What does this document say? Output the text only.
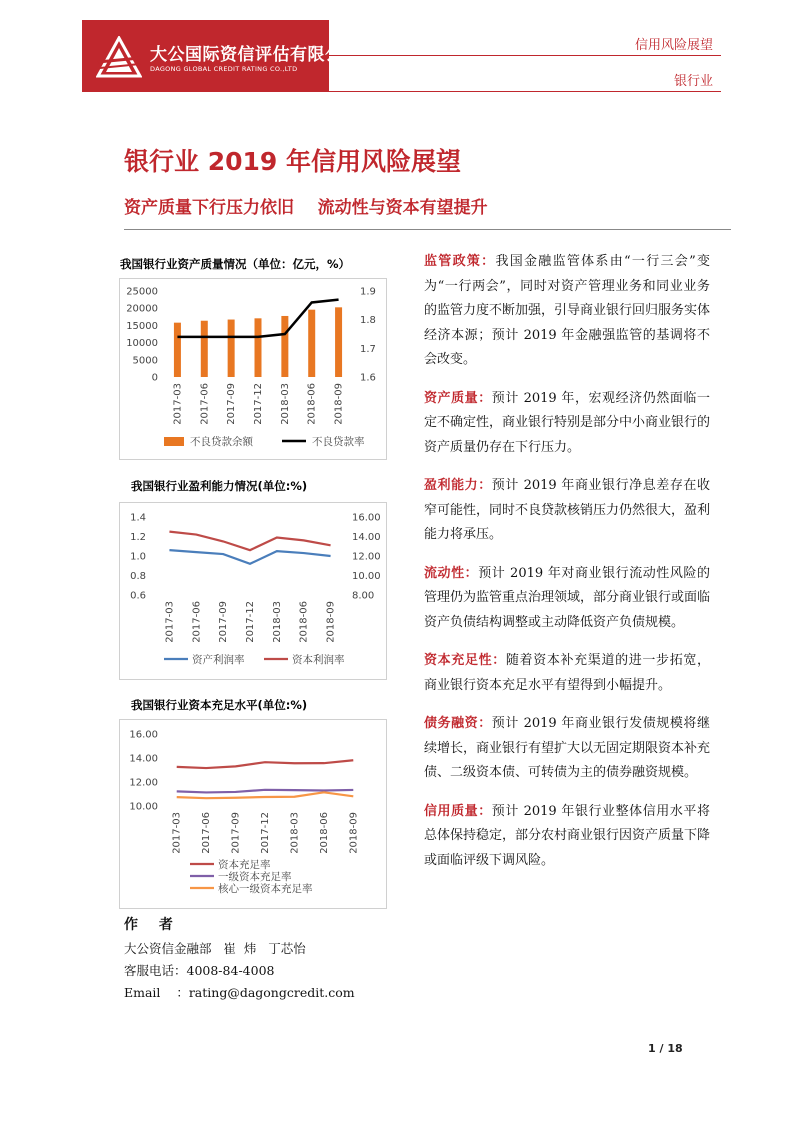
大公国际资信评估有限公司
DAGONG GLOBAL CREDIT RATING CO.,LTD
信用风险展望
银行业
银行业 2019 年信用风险展望
资产质量下行压力依旧    流动性与资本有望提升
我国银行业资产质量情况（单位：亿元，%）
0
5000
10000
15000
20000
25000
1.6
1.7
1.8
1.9
2017-03 2017-06 2017-09 2017-12 2018-03 2018-06 2018-09
不良贷款余额	不良贷款率
我国银行业盈利能力情况(单位:%)
0.6
0.8
1.0
1.2
1.4
8.00
10.00
12.00
14.00
16.00
2017-03 2017-06 2017-09 2017-12 2018-03 2018-06 2018-09
资产利润率	资本利润率
我国银行业资本充足水平(单位:%)
10.00
12.00
14.00
16.00
2017-03 2017-06 2017-09 2017-12 2018-03 2018-06 2018-09
资本充足率
一级资本充足率
核心一级资本充足率

监管政策：我国金融监管体系由“一行三会”变为“一行两会”，同时对资产管理业务和同业业务的监管力度不断加强，引导商业银行回归服务实体经济本源；预计 2019 年金融强监管的基调将不会改变。

资产质量：预计 2019 年，宏观经济仍然面临一定不确定性，商业银行特别是部分中小商业银行的资产质量仍存在下行压力。

盈利能力：预计 2019 年商业银行净息差存在收窄可能性，同时不良贷款核销压力仍然很大，盈利能力将承压。

流动性：预计 2019 年对商业银行流动性风险的管理仍为监管重点治理领域，部分商业银行或面临资产负债结构调整或主动降低资产负债规模。

资本充足性：随着资本补充渠道的进一步拓宽，商业银行资本充足水平有望得到小幅提升。

债务融资：预计 2019 年商业银行发债规模将继续增长，商业银行有望扩大以无固定期限资本补充债、二级资本债、可转债为主的债券融资规模。

信用质量：预计 2019 年银行业整体信用水平将总体保持稳定，部分农村商业银行因资产质量下降或面临评级下调风险。

作 者
大公资信金融部   崔  炜   丁芯怡
客服电话：4008-84-4008
Email    ：rating@dagongcredit.com
1 / 18
